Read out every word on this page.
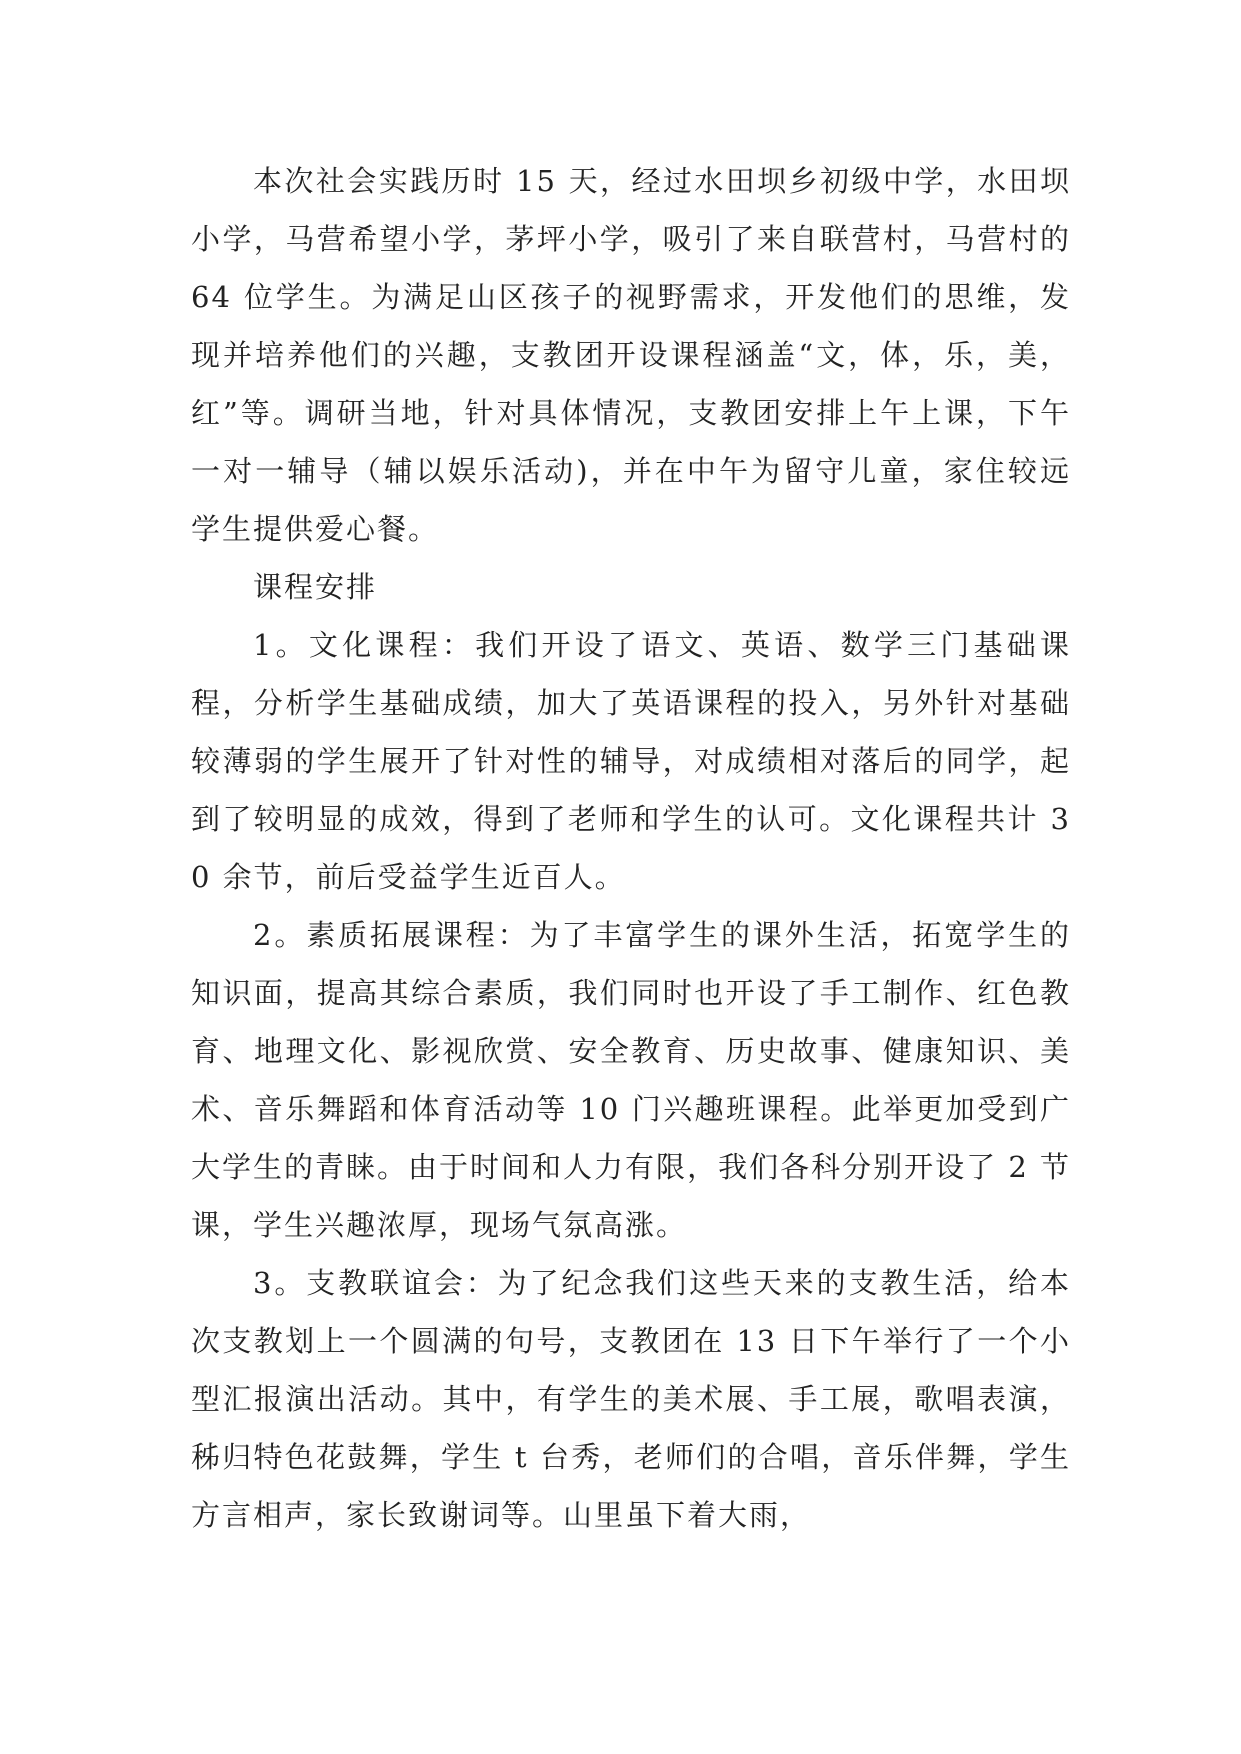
本次社会实践历时 15 天，经过水田坝乡初级中学，水田坝小学，马营希望小学，茅坪小学，吸引了来自联营村，马营村的 64 位学生。为满足山区孩子的视野需求，开发他们的思维，发现并培养他们的兴趣，支教团开设课程涵盖“文，体，乐，美，红”等。调研当地，针对具体情况，支教团安排上午上课，下午一对一辅导（辅以娱乐活动)，并在中午为留守儿童，家住较远学生提供爱心餐。

课程安排

1。文化课程：我们开设了语文、英语、数学三门基础课程，分析学生基础成绩，加大了英语课程的投入，另外针对基础较薄弱的学生展开了针对性的辅导，对成绩相对落后的同学，起到了较明显的成效，得到了老师和学生的认可。文化课程共计 30 余节，前后受益学生近百人。

2。素质拓展课程：为了丰富学生的课外生活，拓宽学生的知识面，提高其综合素质，我们同时也开设了手工制作、红色教育、地理文化、影视欣赏、安全教育、历史故事、健康知识、美术、音乐舞蹈和体育活动等 10 门兴趣班课程。此举更加受到广大学生的青睐。由于时间和人力有限，我们各科分别开设了 2 节课，学生兴趣浓厚，现场气氛高涨。

3。支教联谊会：为了纪念我们这些天来的支教生活，给本次支教划上一个圆满的句号，支教团在 13 日下午举行了一个小型汇报演出活动。其中，有学生的美术展、手工展，歌唱表演，秭归特色花鼓舞，学生 t 台秀，老师们的合唱，音乐伴舞，学生方言相声，家长致谢词等。山里虽下着大雨，
